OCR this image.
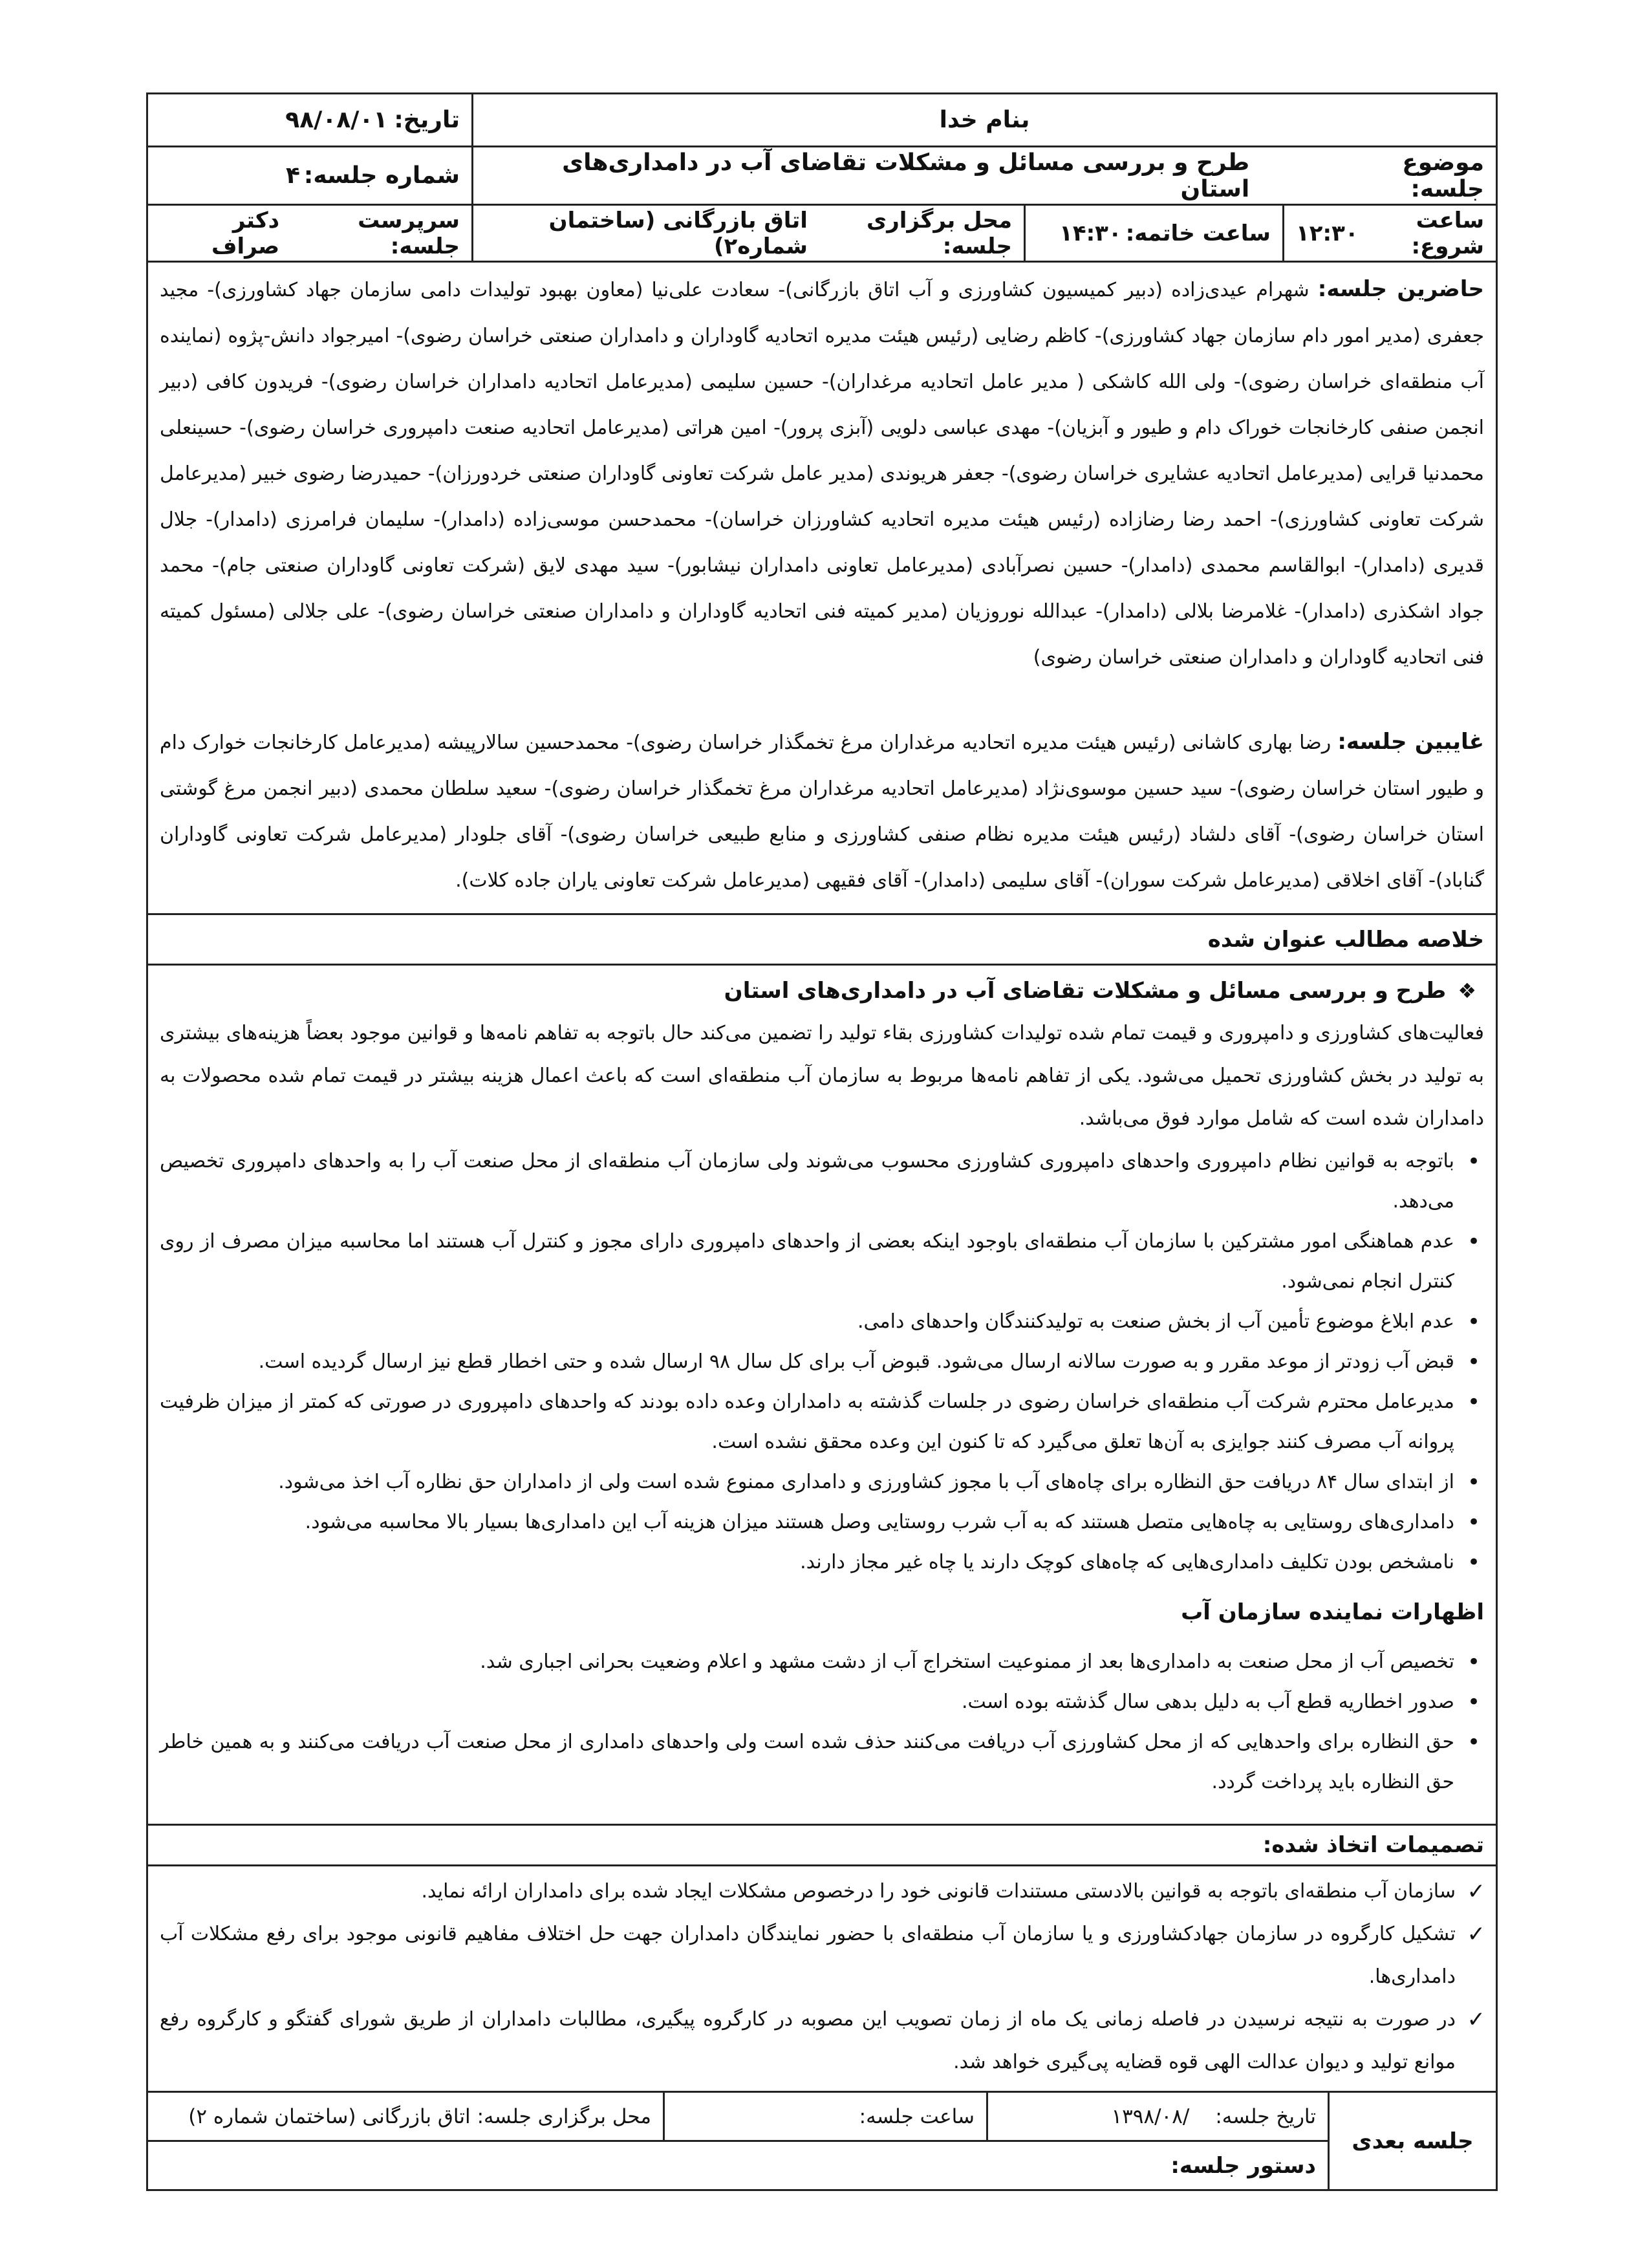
بنام خدا
تاریخ:
۹۸/۰۸/۰۱
موضوع جلسه:
طرح و بررسی مسائل و مشکلات تقاضای آب در دامداری‌های استان
شماره جلسه:
۴
ساعت شروع:
۱۲:۳۰
ساعت خاتمه:
۱۴:۳۰
محل برگزاری جلسه:
اتاق بازرگانی (ساختمان شماره۲)
سرپرست جلسه:
دکتر صراف
حاضرین جلسه: شهرام عیدی‌زاده (دبیر کمیسیون کشاورزی و آب اتاق بازرگانی)- سعادت علی‌نیا (معاون بهبود تولیدات دامی سازمان جهاد کشاورزی)- مجید جعفری (مدیر امور دام سازمان جهاد کشاورزی)- کاظم رضایی (رئیس هیئت مدیره اتحادیه گاوداران و دامداران صنعتی خراسان رضوی)- امیرجواد دانش-پژوه (نماینده آب منطقه‌ای خراسان رضوی)- ولی الله کاشکی ( مدیر عامل اتحادیه مرغداران)- حسین سلیمی (مدیرعامل اتحادیه دامداران خراسان رضوی)- فریدون کافی (دبیر انجمن صنفی کارخانجات خوراک دام و طیور و آبزیان)- مهدی عباسی دلویی (آبزی پرور)- امین هراتی (مدیرعامل اتحادیه صنعت دامپروری خراسان رضوی)- حسینعلی محمدنیا قرایی (مدیرعامل اتحادیه عشایری خراسان رضوی)- جعفر هریوندی (مدیر عامل شرکت تعاونی گاوداران صنعتی خردورزان)- حمیدرضا رضوی خبیر (مدیرعامل شرکت تعاونی کشاورزی)- احمد رضا رضازاده (رئیس هیئت مدیره اتحادیه کشاورزان خراسان)- محمدحسن موسی‌زاده (دامدار)- سلیمان فرامرزی (دامدار)- جلال قدیری (دامدار)- ابوالقاسم محمدی (دامدار)- حسین نصرآبادی (مدیرعامل تعاونی دامداران نیشابور)- سید مهدی لایق (شرکت تعاونی گاوداران صنعتی جام)- محمد جواد اشکذری (دامدار)- غلامرضا بلالی (دامدار)- عبدالله نوروزیان (مدیر کمیته فنی اتحادیه گاوداران و دامداران صنعتی خراسان رضوی)- علی جلالی (مسئول کمیته فنی اتحادیه گاوداران و دامداران صنعتی خراسان رضوی)
غایبین جلسه: رضا بهاری کاشانی (رئیس هیئت مدیره اتحادیه مرغداران مرغ تخمگذار خراسان رضوی)- محمدحسین سالارپیشه (مدیرعامل کارخانجات خوارک دام و طیور استان خراسان رضوی)- سید حسین موسوی‌نژاد (مدیرعامل اتحادیه مرغداران مرغ تخمگذار خراسان رضوی)- سعید سلطان محمدی (دبیر انجمن مرغ گوشتی استان خراسان رضوی)- آقای دلشاد (رئیس هیئت مدیره نظام صنفی کشاورزی و منابع طبیعی خراسان رضوی)- آقای جلودار (مدیرعامل شرکت تعاونی گاوداران گناباد)- آقای اخلاقی (مدیرعامل شرکت سوران)- آقای سلیمی (دامدار)- آقای فقیهی (مدیرعامل شرکت تعاونی یاران جاده کلات).
خلاصه مطالب عنوان شده
❖طرح و بررسی مسائل و مشکلات تقاضای آب در دامداری‌های استان
فعالیت‌های کشاورزی و دامپروری و قیمت تمام شده تولیدات کشاورزی بقاء تولید را تضمین می‌کند حال باتوجه به تفاهم نامه‌ها و قوانین موجود بعضاً هزینه‌های بیشتری به تولید در بخش کشاورزی تحمیل می‌شود. یکی از تفاهم نامه‌ها مربوط به سازمان آب منطقه‌ای است که باعث اعمال هزینه بیشتر در قیمت تمام شده محصولات به دامداران شده است که شامل موارد فوق می‌باشد.
• باتوجه به قوانین نظام دامپروری واحدهای دامپروری کشاورزی محسوب می‌شوند ولی سازمان آب منطقه‌ای از محل صنعت آب را به واحدهای دامپروری تخصیص می‌دهد.
• عدم هماهنگی امور مشترکین با سازمان آب منطقه‌ای باوجود اینکه بعضی از واحدهای دامپروری دارای مجوز و کنترل آب هستند اما محاسبه میزان مصرف از روی کنترل انجام نمی‌شود.
• عدم ابلاغ موضوع تأمین آب از بخش صنعت به تولیدکنندگان واحدهای دامی.
• قبض آب زودتر از موعد مقرر و به صورت سالانه ارسال می‌شود. قبوض آب برای کل سال ۹۸ ارسال شده و حتی اخطار قطع نیز ارسال گردیده است.
• مدیرعامل محترم شرکت آب منطقه‌ای خراسان رضوی در جلسات گذشته به دامداران وعده داده بودند که واحدهای دامپروری در صورتی که کمتر از میزان ظرفیت پروانه آب مصرف کنند جوایزی به آن‌ها تعلق می‌گیرد که تا کنون این وعده محقق نشده است.
• از ابتدای سال ۸۴ دریافت حق النظاره برای چاه‌های آب با مجوز کشاورزی و دامداری ممنوع شده است ولی از دامداران حق نظاره آب اخذ می‌شود.
• دامداری‌های روستایی به چاه‌هایی متصل هستند که به آب شرب روستایی وصل هستند میزان هزینه آب این دامداری‌ها بسیار بالا محاسبه می‌شود.
• نامشخص بودن تکلیف دامداری‌هایی که چاه‌های کوچک دارند یا چاه غیر مجاز دارند.
اظهارات نماینده سازمان آب
• تخصیص آب از محل صنعت به دامداری‌ها بعد از ممنوعیت استخراج آب از دشت مشهد و اعلام وضعیت بحرانی اجباری شد.
• صدور اخطاریه قطع آب به دلیل بدهی سال گذشته بوده است.
• حق النظاره برای واحدهایی که از محل کشاورزی آب دریافت می‌کنند حذف شده است ولی واحدهای دامداری از محل صنعت آب دریافت می‌کنند و به همین خاطر حق النظاره باید پرداخت گردد.
تصمیمات اتخاذ شده:
✓ سازمان آب منطقه‌ای باتوجه به قوانین بالادستی مستندات قانونی خود را درخصوص مشکلات ایجاد شده برای دامداران ارائه نماید.
✓ تشکیل کارگروه در سازمان جهادکشاورزی و یا سازمان آب منطقه‌ای با حضور نمایندگان دامداران جهت حل اختلاف مفاهیم قانونی موجود برای رفع مشکلات آب دامداری‌ها.
✓ در صورت به نتیجه نرسیدن در فاصله زمانی یک ماه از زمان تصویب این مصوبه در کارگروه پیگیری، مطالبات دامداران از طریق شورای گفتگو و کارگروه رفع موانع تولید و دیوان عدالت الهی قوه قضایه پی‌گیری خواهد شد.
جلسه بعدی
تاریخ جلسه:
/۱۳۹۸/۰۸
ساعت جلسه:
محل برگزاری جلسه:
اتاق بازرگانی (ساختمان شماره ۲)
دستور جلسه:
